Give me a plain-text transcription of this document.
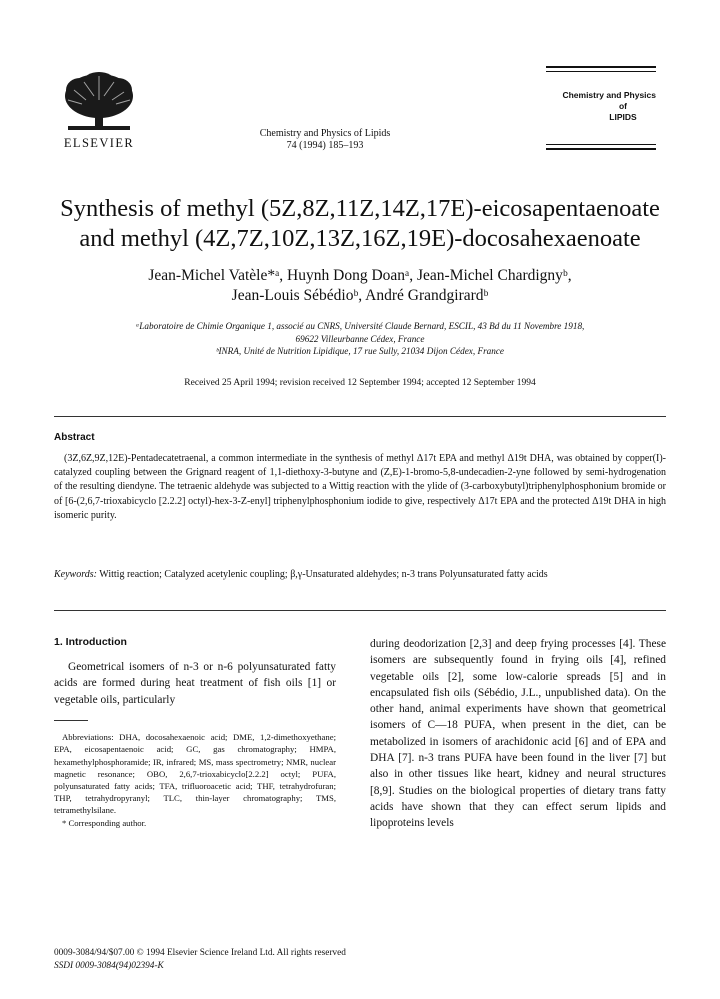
ELSEVIER
Chemistry and Physics of Lipids
74 (1994) 185–193
Chemistry and Physics
of
LIPIDS
Synthesis of methyl (5Z,8Z,11Z,14Z,17E)-eicosapentaenoate
and methyl (4Z,7Z,10Z,13Z,16Z,19E)-docosahexaenoate
Jean-Michel Vatèle*ᵃ, Huynh Dong Doanᵃ, Jean-Michel Chardignyᵇ,
Jean-Louis Sébédioᵇ, André Grandgirardᵇ
ᵃLaboratoire de Chimie Organique 1, associé au CNRS, Université Claude Bernard, ESCIL, 43 Bd du 11 Novembre 1918,
69622 Villeurbanne Cédex, France
ᵇINRA, Unité de Nutrition Lipidique, 17 rue Sully, 21034 Dijon Cédex, France
Received 25 April 1994; revision received 12 September 1994; accepted 12 September 1994
Abstract
(3Z,6Z,9Z,12E)-Pentadecatetraenal, a common intermediate in the synthesis of methyl Δ17t EPA and methyl Δ19t DHA, was obtained by copper(I)-catalyzed coupling between the Grignard reagent of 1,1-diethoxy-3-butyne and (Z,E)-1-bromo-5,8-undecadien-2-yne followed by semi-hydrogenation of the resulting diendyne. The tetraenic aldehyde was subjected to a Wittig reaction with the ylide of (3-carboxybutyl)triphenylphosphonium bromide or of [6-(2,6,7-trioxabicyclo [2.2.2] octyl)-hex-3-Z-enyl] triphenylphosphonium iodide to give, respectively Δ17t EPA and the protected Δ19t DHA in high isomeric purity.
Keywords: Wittig reaction; Catalyzed acetylenic coupling; β,γ-Unsaturated aldehydes; n-3 trans Polyunsaturated fatty acids
1. Introduction
Geometrical isomers of n-3 or n-6 polyunsaturated fatty acids are formed during heat treatment of fish oils [1] or vegetable oils, particularly
Abbreviations: DHA, docosahexaenoic acid; DME, 1,2-dimethoxyethane; EPA, eicosapentaenoic acid; GC, gas chromatography; HMPA, hexamethylphosphoramide; IR, infrared; MS, mass spectrometry; NMR, nuclear magnetic resonance; OBO, 2,6,7-trioxabicyclo[2.2.2] octyl; PUFA, polyunsaturated fatty acids; TFA, trifluoroacetic acid; THF, tetrahydrofuran; THP, tetrahydropyranyl; TLC, thin-layer chromatography; TMS, tetramethylsilane.
* Corresponding author.
during deodorization [2,3] and deep frying processes [4]. These isomers are subsequently found in frying oils [4], refined vegetable oils [2], some low-calorie spreads [5] and in encapsulated fish oils (Sébédio, J.L., unpublished data). On the other hand, animal experiments have shown that geometrical isomers of C—18 PUFA, when present in the diet, can be metabolized in isomers of arachidonic acid [6] and of EPA and DHA [7]. n-3 trans PUFA have been found in the liver [7] but also in other tissues like heart, kidney and neural structures [8,9]. Studies on the biological properties of dietary trans fatty acids have shown that they can effect serum lipids and lipoproteins levels
0009-3084/94/$07.00 © 1994 Elsevier Science Ireland Ltd. All rights reserved
SSDI 0009-3084(94)02394-K
